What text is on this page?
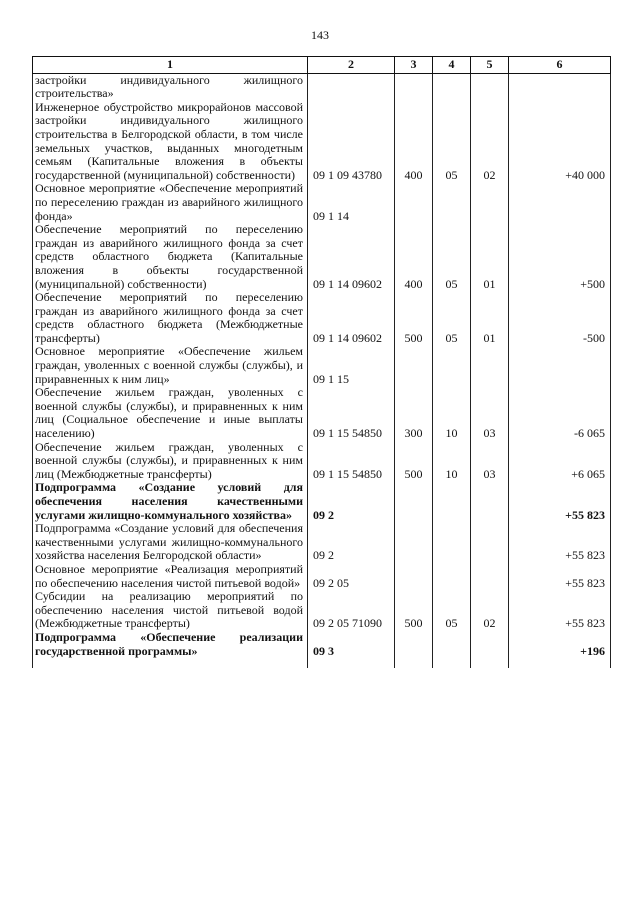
143
1	2	3	4	5	6
застройки индивидуального жилищного строительства»					
Инженерное обустройство микрорайонов массовой застройки индивидуального жилищного строительства в Белгородской области, в том числе земельных участков, выданных многодетным семьям (Капитальные вложения в объекты государственной (муниципальной) собственности)	09 1 09 43780	400	05	02	+40 000
Основное мероприятие «Обеспечение мероприятий по переселению граждан из аварийного жилищного фонда»	09 1 14				
Обеспечение мероприятий по переселению граждан из аварийного жилищного фонда за счет средств областного бюджета (Капитальные вложения в объекты государственной (муниципальной) собственности)	09 1 14 09602	400	05	01	+500
Обеспечение мероприятий по переселению граждан из аварийного жилищного фонда за счет средств областного бюджета (Межбюджетные трансферты)	09 1 14 09602	500	05	01	-500
Основное мероприятие «Обеспечение жильем граждан, уволенных с военной службы (службы), и приравненных к ним лиц»	09 1 15				
Обеспечение жильем граждан, уволенных с военной службы (службы), и приравненных к ним лиц (Социальное обеспечение и иные выплаты населению)	09 1 15 54850	300	10	03	-6 065
Обеспечение жильем граждан, уволенных с военной службы (службы), и приравненных к ним лиц (Межбюджетные трансферты)	09 1 15 54850	500	10	03	+6 065
Подпрограмма «Создание условий для обеспечения населения качественными услугами жилищно-коммунального хозяйства»	09 2				+55 823
Подпрограмма «Создание условий для обеспечения качественными услугами жилищно-коммунального хозяйства населения Белгородской области»	09 2				+55 823
Основное мероприятие «Реализация мероприятий по обеспечению населения чистой питьевой водой»	09 2 05				+55 823
Субсидии на реализацию мероприятий по обеспечению населения чистой питьевой водой (Межбюджетные трансферты)	09 2 05 71090	500	05	02	+55 823
Подпрограмма «Обеспечение реализации государственной программы»	09 3				+196
